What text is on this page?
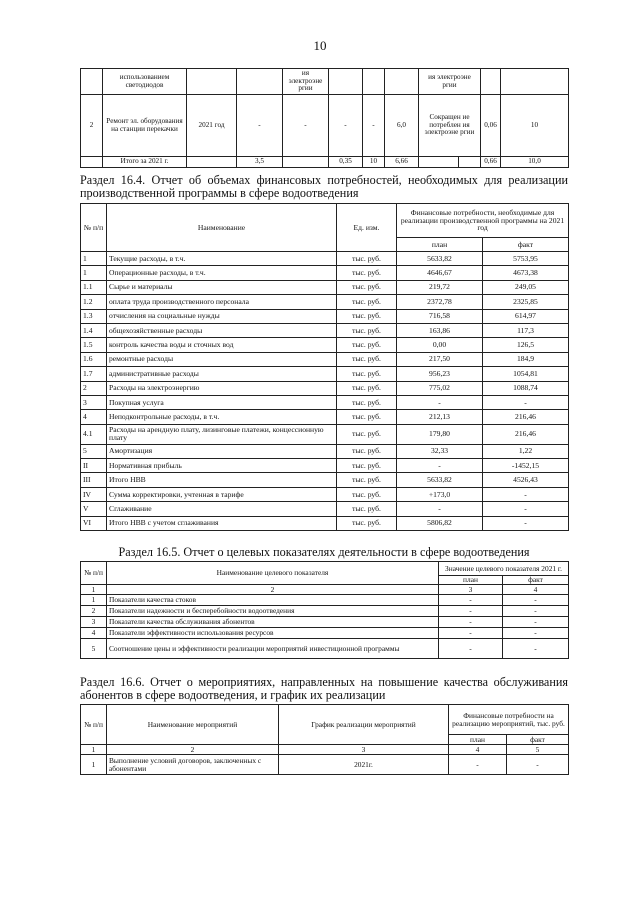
10
	использованием светодиодов			ия электроэне ргии				ия электроэне ргии			
2	Ремонт эл. оборудования на станции перекачки	2021 год	-	-	-	-	6,0	Сокращен ие потреблен ия электроэне ргии		0,06	10
	Итого за 2021 г.		3,5		0,35	10	6,66			0,66	10,0
Раздел 16.4. Отчет об объемах финансовых потребностей, необходимых для реализации производственной программы в сфере водоотведения
№ п/п	Наименование	Ед. изм.	Финансовые потребности, необходимые для реализации производственной программы на 2021 год	
			план	факт
1	Текущие расходы, в т.ч.	тыс. руб.	5633,82	5753,95
1	Операционные расходы, в т.ч.	тыс. руб.	4646,67	4673,38
1.1	Сырье и материалы	тыс. руб.	219,72	249,05
1.2	оплата труда производственного персонала	тыс. руб.	2372,78	2325,85
1.3	отчисления на социальные нужды	тыс. руб.	716,58	614,97
1.4	общехозяйственные расходы	тыс. руб.	163,86	117,3
1.5	контроль качества воды и сточных вод	тыс. руб.	0,00	126,5
1.6	ремонтные расходы	тыс. руб.	217,50	184,9
1.7	административные расходы	тыс. руб.	956,23	1054,81
2	Расходы на электроэнергию	тыс. руб.	775,02	1088,74
3	Покупная услуга	тыс. руб.	-	-
4	Неподконтрольные расходы, в т.ч.	тыс. руб.	212,13	216,46
4.1	Расходы на арендную плату, лизинговые платежи, концессионную плату	тыс. руб.	179,80	216,46
5	Амортизация	тыс. руб.	32,33	1,22
II	Нормативная прибыль	тыс. руб.	-	-1452,15
III	Итого НВВ	тыс. руб.	5633,82	4526,43
IV	Сумма корректировки, учтенная в тарифе	тыс. руб.	+173,0	-
V	Сглаживание	тыс. руб.	-	-
VI	Итого НВВ с учетом сглаживания	тыс. руб.	5806,82	-
Раздел 16.5. Отчет о целевых показателях деятельности в сфере водоотведения
№ п/п	Наименование целевого показателя	Значение целевого показателя 2021 г.	
		план	факт
1	2	3	4
1	Показатели качества стоков	-	-
2	Показатели надежности и бесперебойности водоотведения	-	-
3	Показатели качества обслуживания абонентов	-	-
4	Показатели эффективности использования ресурсов	-	-
5	Соотношение цены и эффективности реализации мероприятий инвестиционной программы	-	-
Раздел 16.6. Отчет о мероприятиях, направленных на повышение качества обслуживания абонентов в сфере водоотведения, и график их реализации
№ п/п	Наименование мероприятий	График реализации мероприятий	Финансовые потребности на реализацию мероприятий, тыс. руб.	
			план	факт
1	2	3	4	5
1	Выполнение условий договоров, заключенных с абонентами	2021г.	-	-
